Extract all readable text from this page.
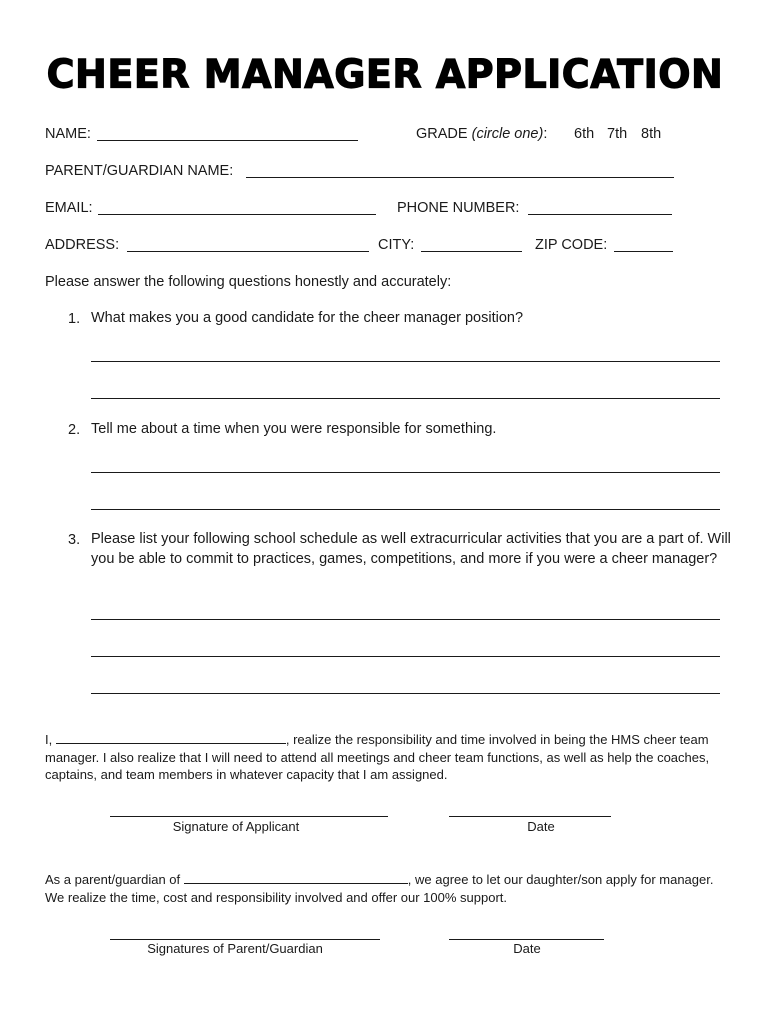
CHEER MANAGER APPLICATION
NAME:	GRADE (circle one): 6th 7th 8th
PARENT/GUARDIAN NAME:
EMAIL:	PHONE NUMBER:
ADDRESS:	CITY:	ZIP CODE:
Please answer the following questions honestly and accurately:
1. What makes you a good candidate for the cheer manager position?
2. Tell me about a time when you were responsible for something.
3. Please list your following school schedule as well extracurricular activities that you are a part of. Will you be able to commit to practices, games, competitions, and more if you were a cheer manager?
I,	, realize the responsibility and time involved in being the HMS cheer team manager. I also realize that I will need to attend all meetings and cheer team functions, as well as help the coaches, captains, and team members in whatever capacity that I am assigned.
Signature of Applicant	Date
As a parent/guardian of	, we agree to let our daughter/son apply for manager. We realize the time, cost and responsibility involved and offer our 100% support.
Signatures of Parent/Guardian	Date
